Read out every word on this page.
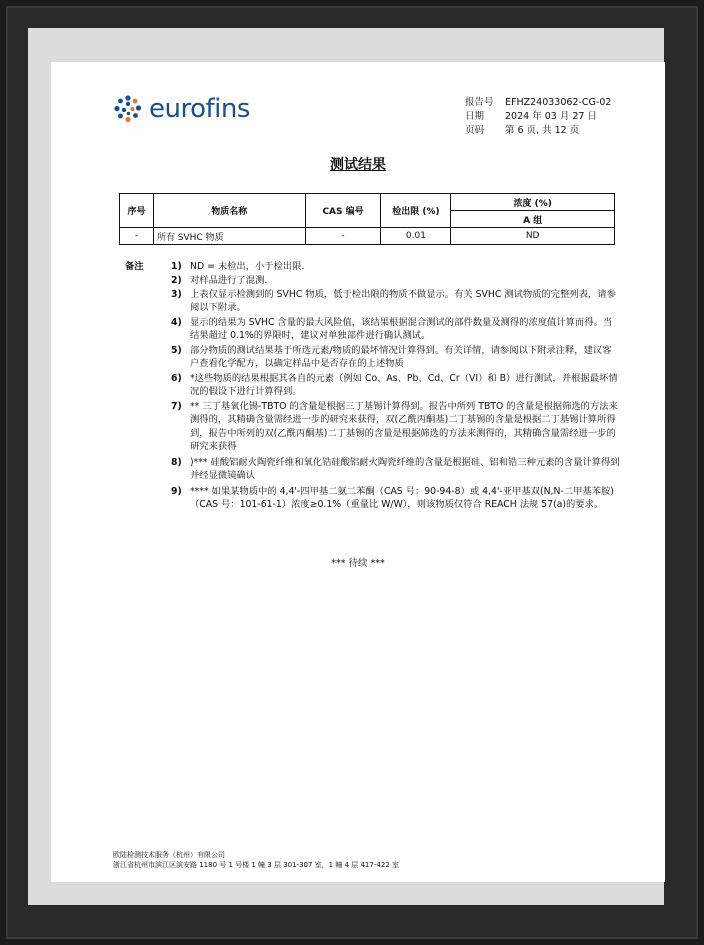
eurofins	报告号	EFHZ24033062-CG-02
日期	2024 年 03 月 27 日
页码	第 6 页, 共 12 页
测试结果
序号	物质名称	CAS 编号	检出限 (%)	浓度 (%)
				A 组
-	所有 SVHC 物质	-	0.01	ND
备注	1) ND = 未检出，小于检出限.
2) 对样品进行了混测.
3) 上表仅显示检测到的 SVHC 物质，低于检出限的物质不做显示。有关 SVHC 测试物质的完整列表，请参阅以下附录。
4) 显示的结果为 SVHC 含量的最大风险值，该结果根据混合测试的部件数量及测得的浓度值计算而得。当结果超过 0.1%的界限时，建议对单独部件进行确认测试。
5) 部分物质的测试结果基于所选元素/物质的最坏情况计算得到。有关详情，请参阅以下附录注释，建议客户查看化学配方，以确定样品中是否存在的上述物质
6) *这些物质的结果根据其各自的元素（例如 Co、As、Pb、Cd、Cr（VI）和 B）进行测试，并根据最坏情况的假设下进行计算得到。
7) ** 三丁基氧化锡-TBTO 的含量是根据三丁基锡计算得到。报告中所列 TBTO 的含量是根据筛选的方法来测得的，其精确含量需经进一步的研究来获得，双(乙酰丙酮基)二丁基锡的含量是根据二丁基锡计算所得到，报告中所列的双(乙酰丙酮基)二丁基锡的含量是根据筛选的方法来测得的，其精确含量需经进一步的研究来获得
8) )*** 硅酸铝耐火陶瓷纤维和氧化锆硅酸铝耐火陶瓷纤维的含量是根据硅、铝和锆三种元素的含量计算得到并经显微镜确认
9) **** 如果某物质中的 4,4'-四甲基二氨二苯酮（CAS 号：90-94-8）或 4,4'-亚甲基双(N,N-二甲基苯胺)（CAS 号：101-61-1）浓度≥0.1%（重量比 W/W），则该物质仅符合 REACH 法规 57(a)的要求。
*** 待续 ***
欧陆检测技术服务（杭州）有限公司
浙江省杭州市滨江区滨安路 1180 号 1 号楼 1 幢 3 层 301-307 室，1 幢 4 层 417-422 室
